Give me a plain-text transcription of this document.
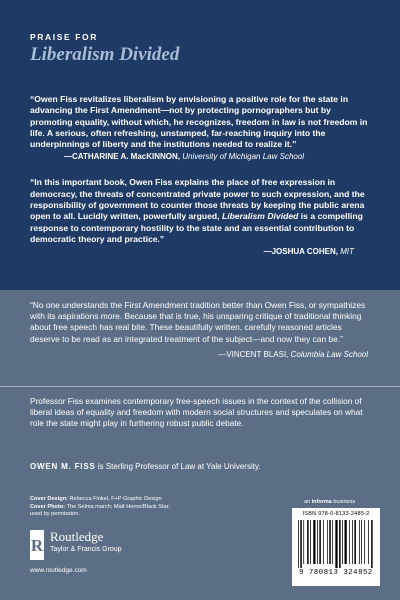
PRAISE FOR
Liberalism Divided
“Owen Fiss revitalizes liberalism by envisioning a positive role for the state in advancing the First Amendment—not by protecting pornographers but by promoting equality, without which, he recognizes, freedom in law is not freedom in life. A serious, often refreshing, unstamped, far-reaching inquiry into the underpinnings of liberty and the institutions needed to realize it.”
—CATHARINE A. MacKINNON, University of Michigan Law School
“In this important book, Owen Fiss explains the place of free expression in democracy, the threats of concentrated private power to such expression, and the responsibility of government to counter those threats by keeping the public arena open to all. Lucidly written, powerfully argued, Liberalism Divided is a compelling response to contemporary hostility to the state and an essential contribution to democratic theory and practice.”
—JOSHUA COHEN, MIT
“No one understands the First Amendment tradition better than Owen Fiss, or sympathizes with its aspirations more. Because that is true, his unsparing critique of traditional thinking about free speech has real bite. These beautifully written, carefully reasoned articles deserve to be read as an integrated treatment of the subject—and now they can be.”
—VINCENT BLASI, Columbia Law School
Professor Fiss examines contemporary free-speech issues in the context of the collision of liberal ideas of equality and freedom with modern social structures and speculates on what role the state might play in furthering robust public debate.
OWEN M. FISS is Sterling Professor of Law at Yale University.
Cover Design: Rebecca Finkel, F+P Graphic Design
Cover Photo: The Selma march; Matt Heron/Black Star;
used by permission.
R Routledge
Taylor & Francis Group
www.routledge.com
an informa business
ISBN 978-0-8133-2485-2
9 780813 324852
